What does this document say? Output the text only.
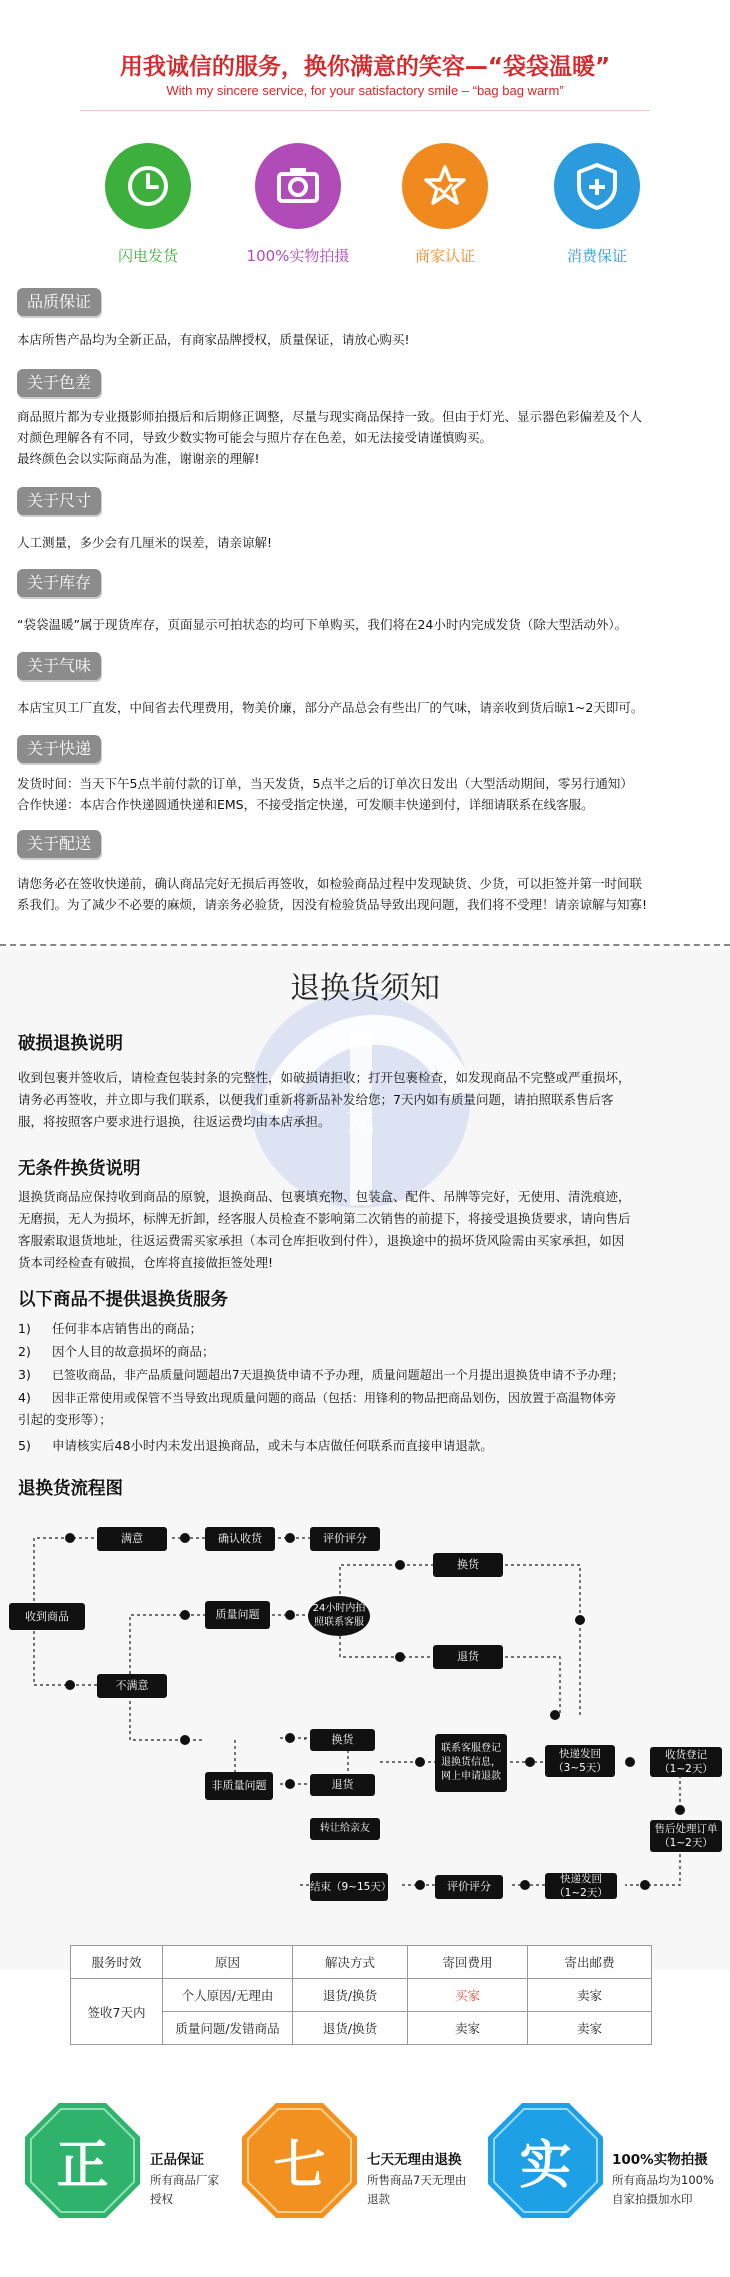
用我诚信的服务，换你满意的笑容—“袋袋温暖”
With my sincere service, for your satisfactory smile – “bag bag warm”
闪电发货	100%实物拍摄	商家认证	消费保证
品质保证
本店所售产品均为全新正品，有商家品牌授权，质量保证，请放心购买!
关于色差
商品照片都为专业摄影师拍摄后和后期修正调整，尽量与现实商品保持一致。但由于灯光、显示器色彩偏差及个人
对颜色理解各有不同，导致少数实物可能会与照片存在色差，如无法接受请谨慎购买。
最终颜色会以实际商品为准，谢谢亲的理解!
关于尺寸
人工测量，多少会有几厘米的误差，请亲谅解!
关于库存
“袋袋温暖”属于现货库存，页面显示可拍状态的均可下单购买，我们将在24小时内完成发货（除大型活动外）。
关于气味
本店宝贝工厂直发，中间省去代理费用，物美价廉，部分产品总会有些出厂的气味，请亲收到货后晾1~2天即可。
关于快递
发货时间：当天下午5点半前付款的订单，当天发货，5点半之后的订单次日发出（大型活动期间，零另行通知）
合作快递：本店合作快递圆通快递和EMS，不接受指定快递，可发顺丰快递到付，详细请联系在线客服。
关于配送
请您务必在签收快递前，确认商品完好无损后再签收，如检验商品过程中发现缺货、少货，可以拒签并第一时间联
系我们。为了减少不必要的麻烦，请亲务必验货，因没有检验货品导致出现问题，我们将不受理！请亲谅解与知寡!
龙
退换货须知
破损退换说明
收到包裹并签收后，请检查包装封条的完整性，如破损请拒收；打开包裹检查，如发现商品不完整或严重损坏，
请务必再签收，并立即与我们联系，以便我们重新将新品补发给您；7天内如有质量问题，请拍照联系售后客
服，将按照客户要求进行退换，往返运费均由本店承担。
无条件换货说明
退换货商品应保持收到商品的原貌，退换商品、包裹填充物、包装盒、配件、吊牌等完好，无使用、清洗痕迹，
无磨损，无人为损坏，标牌无折卸，经客服人员检查不影响第二次销售的前提下，将接受退换货要求，请向售后
客服索取退货地址，往返运费需买家承担（本司仓库拒收到付件），退换途中的损坏货风险需由买家承担，如因
货本司经检查有破损，仓库将直接做拒签处理!
以下商品不提供退换货服务
1)	任何非本店销售出的商品；
2)	因个人目的故意损坏的商品；
3)	已签收商品，非产品质量问题超出7天退换货申请不予办理，质量问题超出一个月提出退换货申请不予办理；
4)	因非正常使用或保管不当导致出现质量问题的商品（包括：用锋利的物品把商品划伤，因放置于高温物体旁
引起的变形等）；
5)	申请核实后48小时内未发出退换商品，或未与本店做任何联系而直接申请退款。
退换货流程图
收到商品
满意	确认收货	评价评分
不满意
质量问题	24小时内拍照联系客服
换货
退货
非质量问题
换货
退货
转让给亲友
联系客服登记退换货信息，网上申请退款
快递发回（3~5天）
收货登记（1~2天）
售后处理订单（1~2天）
快递发回（1~2天）
评价评分
结束（9~15天）
服务时效	原因	解决方式	寄回费用	寄出邮费
签收7天内	个人原因/无理由	退货/换货	买家	卖家
	质量问题/发错商品	退货/换货	卖家	卖家
正	正品保证
所有商品厂家
授权
七	七天无理由退换
所售商品7天无理由
退款
实	100%实物拍摄
所有商品均为100%
自家拍摄加水印
